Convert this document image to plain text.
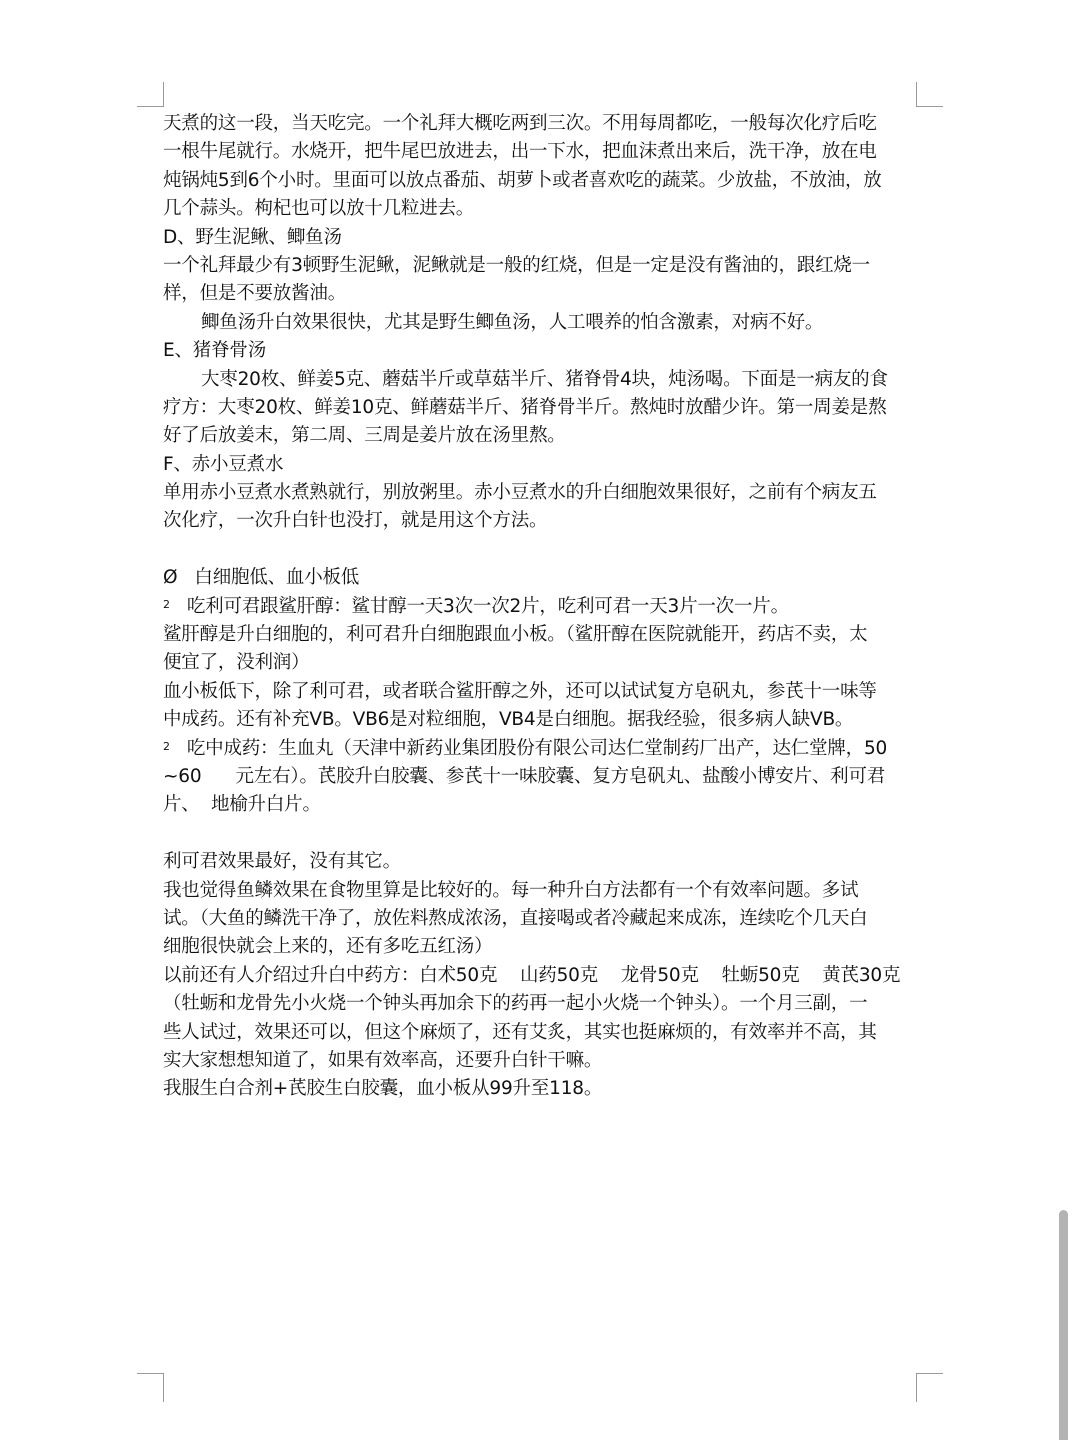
天煮的这一段，当天吃完。一个礼拜大概吃两到三次。不用每周都吃，一般每次化疗后吃
一根牛尾就行。水烧开，把牛尾巴放进去，出一下水，把血沫煮出来后，洗干净，放在电
炖锅炖5到6个小时。里面可以放点番茄、胡萝卜或者喜欢吃的蔬菜。少放盐，不放油，放
几个蒜头。枸杞也可以放十几粒进去。
D、野生泥鳅、鲫鱼汤
一个礼拜最少有3顿野生泥鳅，泥鳅就是一般的红烧，但是一定是没有酱油的，跟红烧一
样，但是不要放酱油。
鲫鱼汤升白效果很快，尤其是野生鲫鱼汤，人工喂养的怕含激素，对病不好。
E、猪脊骨汤
大枣20枚、鲜姜5克、蘑菇半斤或草菇半斤、猪脊骨4块，炖汤喝。下面是一病友的食
疗方：大枣20枚、鲜姜10克、鲜蘑菇半斤、猪脊骨半斤。熬炖时放醋少许。第一周姜是熬
好了后放姜末，第二周、三周是姜片放在汤里熬。
F、赤小豆煮水
单用赤小豆煮水煮熟就行，别放粥里。赤小豆煮水的升白细胞效果很好，之前有个病友五
次化疗，一次升白针也没打，就是用这个方法。
Ø   白细胞低、血小板低
$^2$ 吃利可君跟鲨肝醇：鲨甘醇一天3次一次2片，吃利可君一天3片一次一片。
鲨肝醇是升白细胞的，利可君升白细胞跟血小板。（鲨肝醇在医院就能开，药店不卖，太
便宜了，没利润）
血小板低下，除了利可君，或者联合鲨肝醇之外，还可以试试复方皂矾丸，参芪十一味等
中成药。还有补充VB。VB6是对粒细胞，VB4是白细胞。据我经验，很多病人缺VB。
$^2$ 吃中成药：生血丸（天津中新药业集团股份有限公司达仁堂制药厂出产，达仁堂牌，50
~60      元左右）。芪胶升白胶囊、参芪十一味胶囊、复方皂矾丸、盐酸小博安片、利可君
片、  地榆升白片。
利可君效果最好，没有其它。
我也觉得鱼鳞效果在食物里算是比较好的。每一种升白方法都有一个有效率问题。多试
试。（大鱼的鳞洗干净了，放佐料熬成浓汤，直接喝或者冷藏起来成冻，连续吃个几天白
细胞很快就会上来的，还有多吃五红汤）
以前还有人介绍过升白中药方：白术50克    山药50克    龙骨50克    牡蛎50克    黄芪30克
（牡蛎和龙骨先小火烧一个钟头再加余下的药再一起小火烧一个钟头）。一个月三副，一
些人试过，效果还可以，但这个麻烦了，还有艾炙，其实也挺麻烦的，有效率并不高，其
实大家想想知道了，如果有效率高，还要升白针干嘛。
我服生白合剂+芪胶生白胶囊，血小板从99升至118。
